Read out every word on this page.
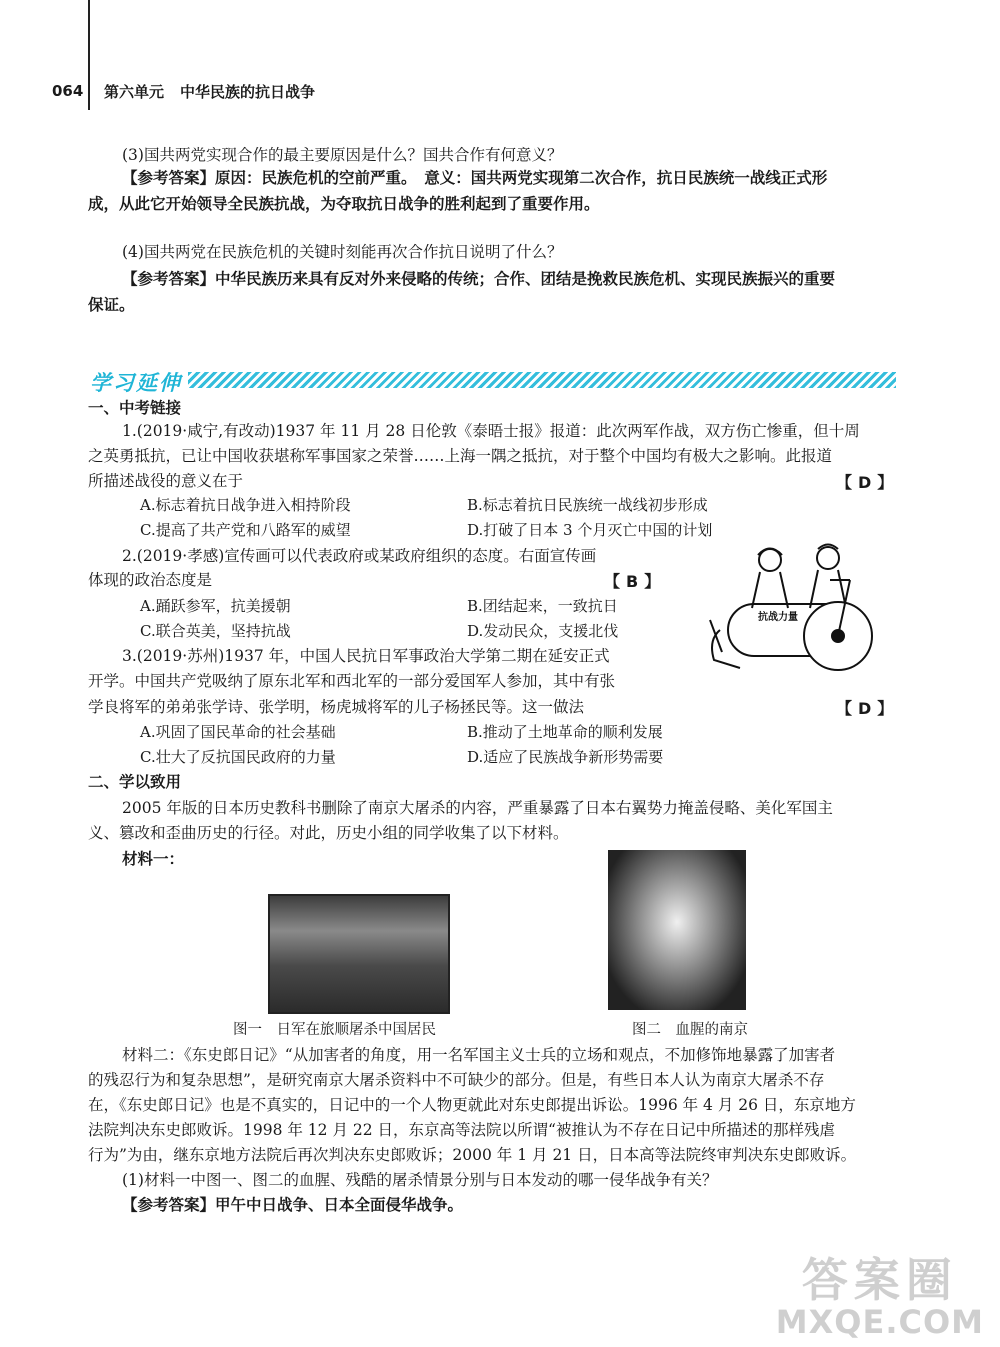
064 第六单元 中华民族的抗日战争
(3)国共两党实现合作的最主要原因是什么？国共合作有何意义？
【参考答案】原因：民族危机的空前严重。　意义：国共两党实现第二次合作，抗日民族统一战线正式形
成，从此它开始领导全民族抗战，为夺取抗日战争的胜利起到了重要作用。
(4)国共两党在民族危机的关键时刻能再次合作抗日说明了什么？
【参考答案】中华民族历来具有反对外来侵略的传统；合作、团结是挽救民族危机、实现民族振兴的重要
保证。
学习延伸
一、中考链接
1.(2019·咸宁,有改动)1937 年 11 月 28 日伦敦《泰晤士报》报道：此次两军作战，双方伤亡惨重，但十周
之英勇抵抗，已让中国收获堪称军事国家之荣誉……上海一隅之抵抗，对于整个中国均有极大之影响。此报道
所描述战役的意义在于	【D】
A.标志着抗日战争进入相持阶段	B.标志着抗日民族统一战线初步形成
C.提高了共产党和八路军的威望	D.打破了日本 3 个月灭亡中国的计划
2.(2019·孝感)宣传画可以代表政府或某政府组织的态度。右面宣传画
体现的政治态度是	【B】
A.踊跃参军，抗美援朝	B.团结起来，一致抗日
C.联合英美，坚持抗战	D.发动民众，支援北伐
抗战力量
3.(2019·苏州)1937 年，中国人民抗日军事政治大学第二期在延安正式
开学。中国共产党吸纳了原东北军和西北军的一部分爱国军人参加，其中有张
学良将军的弟弟张学诗、张学明，杨虎城将军的儿子杨拯民等。这一做法	【D】
A.巩固了国民革命的社会基础	B.推动了土地革命的顺利发展
C.壮大了反抗国民政府的力量	D.适应了民族战争新形势需要
二、学以致用
2005 年版的日本历史教科书删除了南京大屠杀的内容，严重暴露了日本右翼势力掩盖侵略、美化军国主
义、篡改和歪曲历史的行径。对此，历史小组的同学收集了以下材料。
材料一：
图一　日军在旅顺屠杀中国居民	图二　血腥的南京
材料二：《东史郎日记》“从加害者的角度，用一名军国主义士兵的立场和观点，不加修饰地暴露了加害者
的残忍行为和复杂思想”，是研究南京大屠杀资料中不可缺少的部分。但是，有些日本人认为南京大屠杀不存
在，《东史郎日记》也是不真实的，日记中的一个人物更就此对东史郎提出诉讼。1996 年 4 月 26 日，东京地方
法院判决东史郎败诉。1998 年 12 月 22 日，东京高等法院以所谓“被推认为不存在日记中所描述的那样残虐
行为”为由，继东京地方法院后再次判决东史郎败诉；2000 年 1 月 21 日，日本高等法院终审判决东史郎败诉。
(1)材料一中图一、图二的血腥、残酷的屠杀情景分别与日本发动的哪一侵华战争有关？
【参考答案】甲午中日战争、日本全面侵华战争。
答案圈
MXQE.COM
